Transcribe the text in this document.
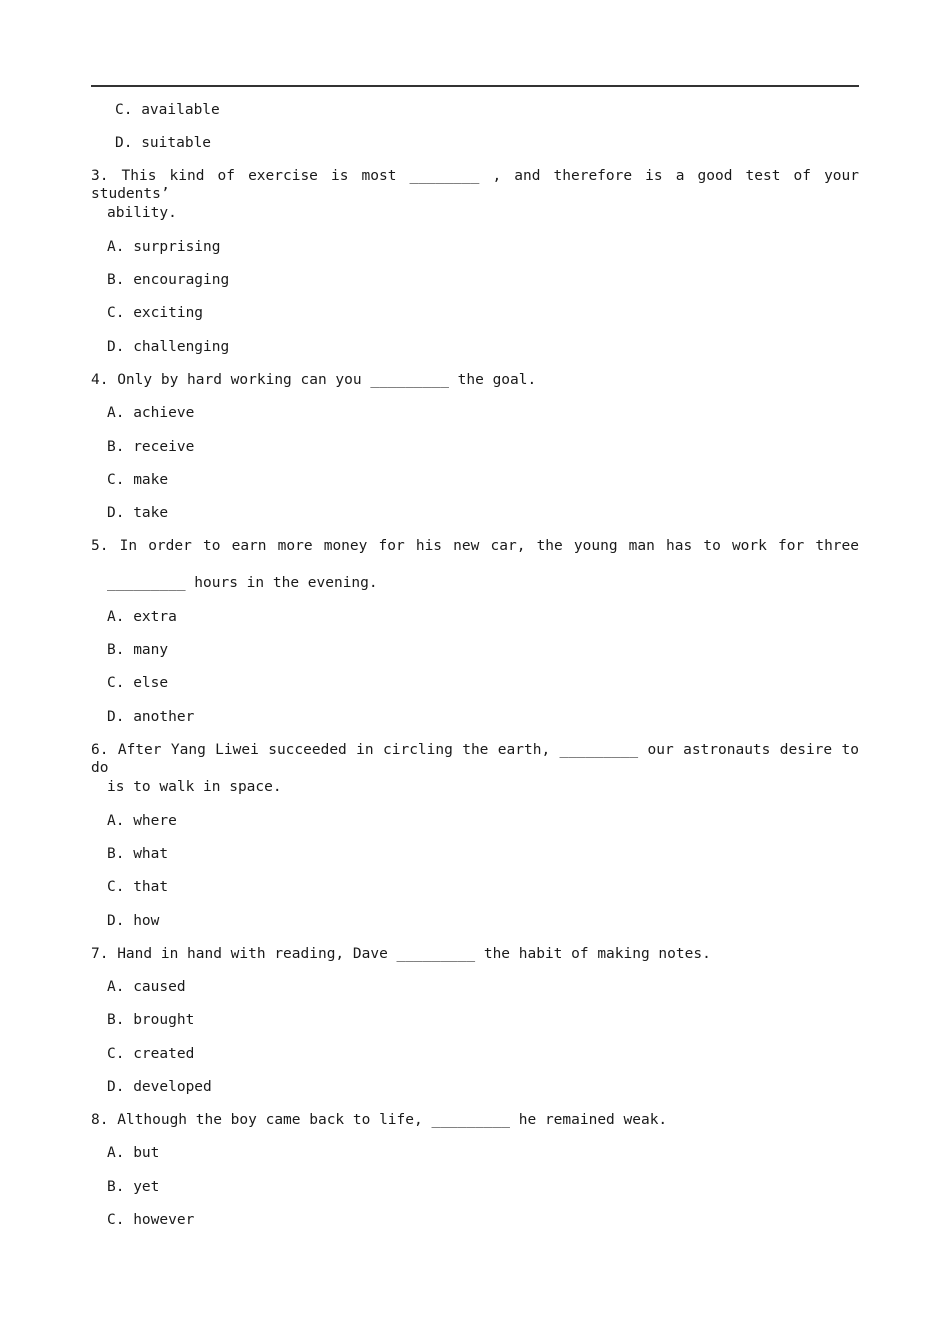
C. available
D. suitable
3. This kind of exercise is most ________ , and therefore is a good test of your students’
ability.
A. surprising
B. encouraging
C. exciting
D. challenging
4. Only by hard working can you _________ the goal.
A. achieve
B. receive
C. make
D. take
5. In order to earn more money for his new car, the young man has to work for three
_________ hours in the evening.
A. extra
B. many
C. else
D. another
6. After Yang Liwei succeeded in circling the earth, _________ our astronauts desire to do
is to walk in space.
A. where
B. what
C. that
D. how
7. Hand in hand with reading, Dave _________ the habit of making notes.
A. caused
B. brought
C. created
D. developed
8. Although the boy came back to life, _________ he remained weak.
A. but
B. yet
C. however
